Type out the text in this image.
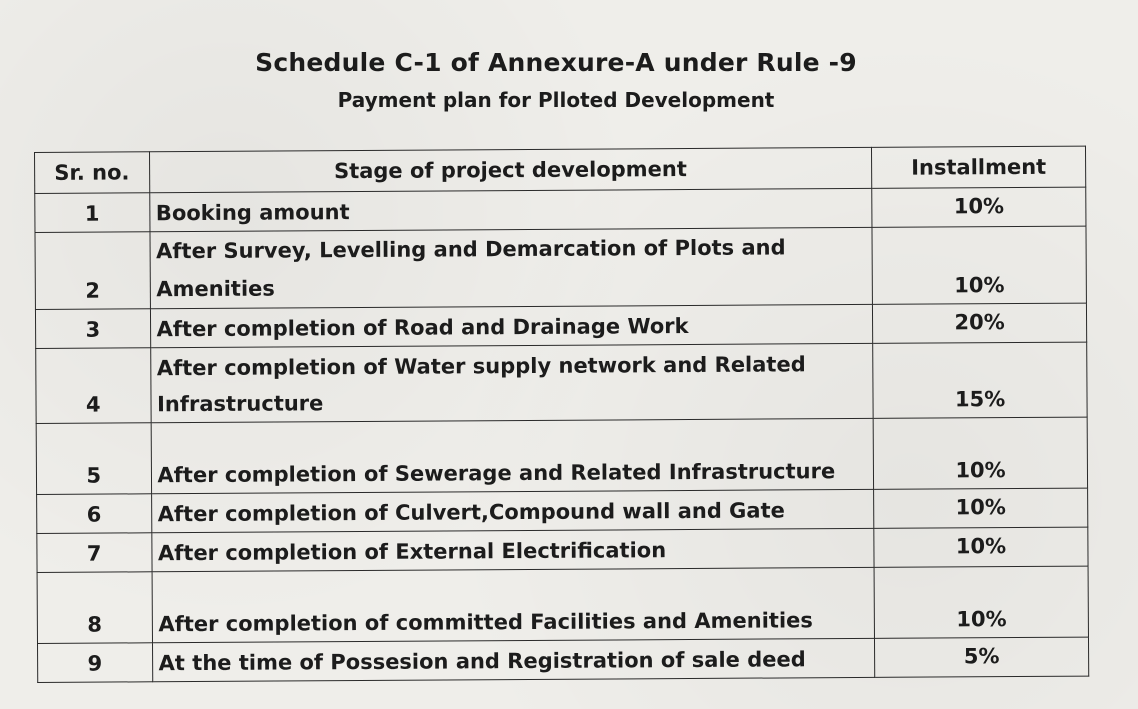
Schedule C-1 of Annexure-A under Rule -9
Payment plan for Plloted Development
Sr. no.	Stage of project development	Installment
1	Booking amount	10%
2	After Survey, Levelling and Demarcation of Plots and Amenities	10%
3	After completion of Road and Drainage Work	20%
4	After completion of Water supply network and Related Infrastructure	15%
5	After completion of Sewerage and Related Infrastructure	10%
6	After completion of Culvert,Compound wall and Gate	10%
7	After completion of External Electrification	10%
8	After completion of committed Facilities and Amenities	10%
9	At the time of Possesion and Registration of sale deed	5%
